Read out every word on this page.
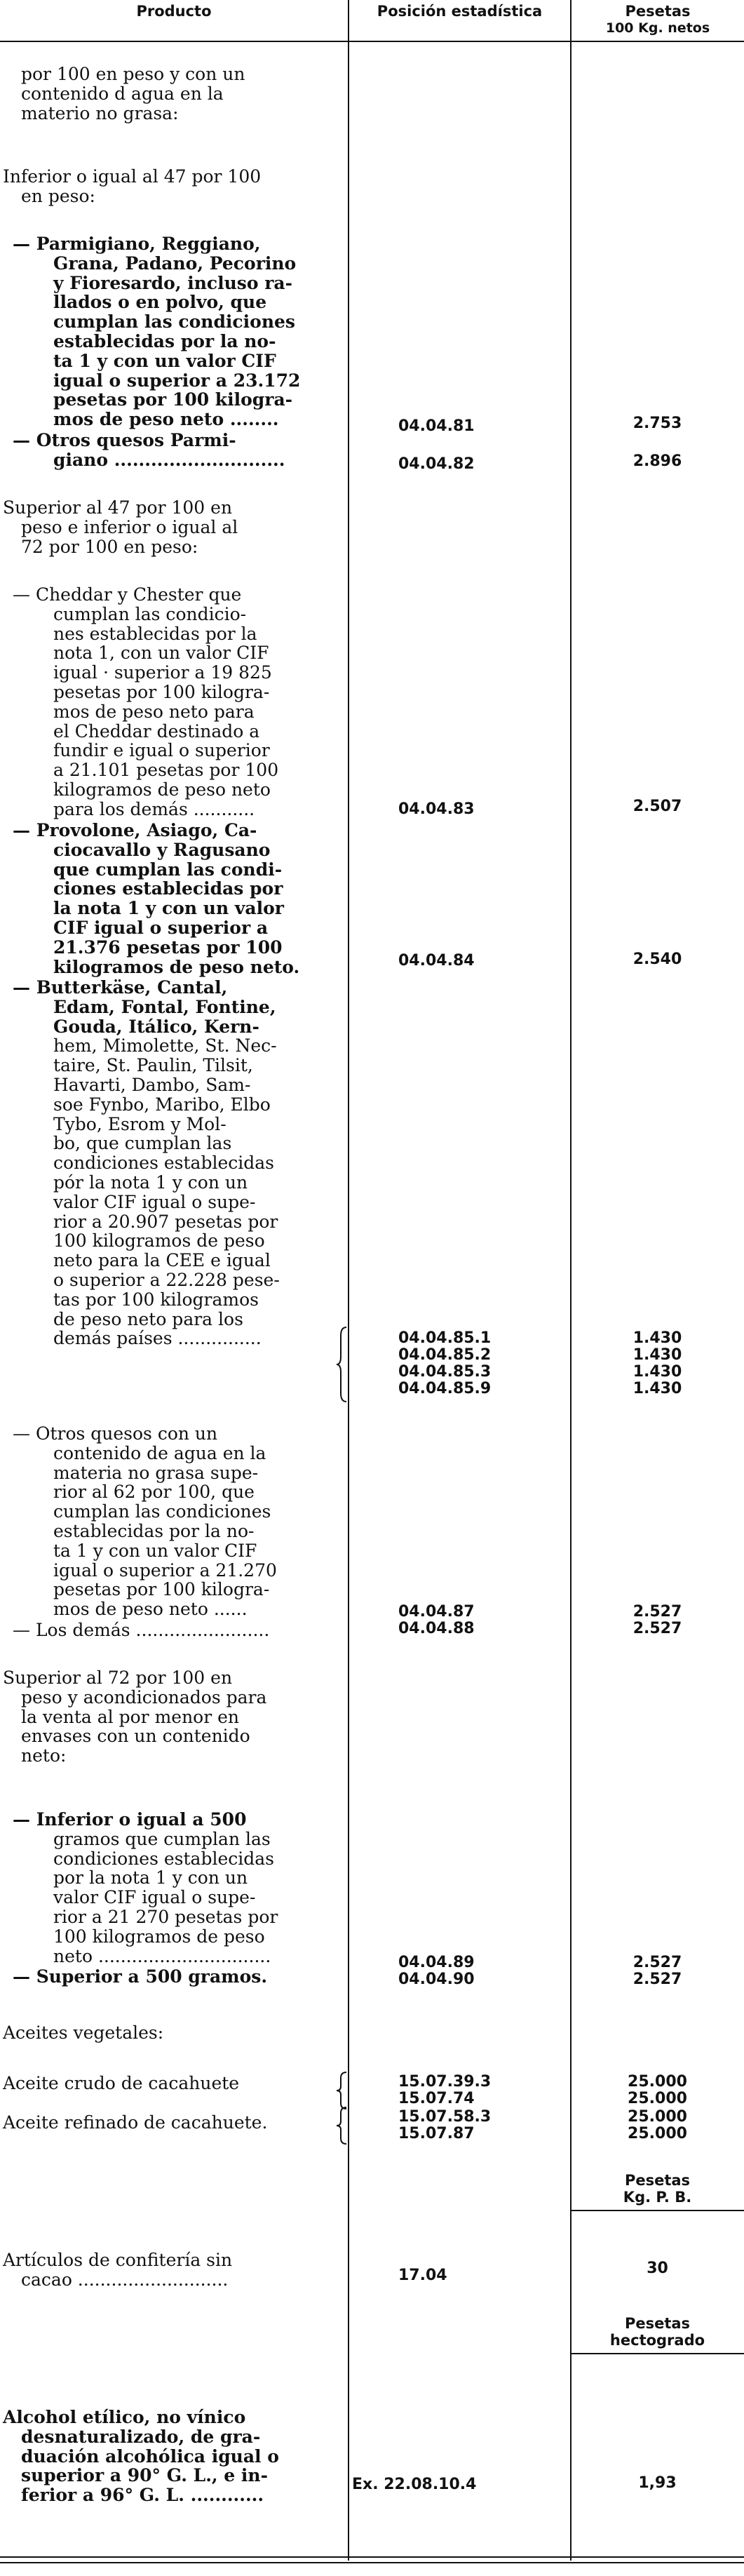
Producto	Posición estadística	Pesetas
100 Kg. netos
por 100 en peso y con un
contenido d agua en la
materio no grasa:
Inferior o igual al 47 por 100
en peso:
— Parmigiano, Reggiano,
Grana, Padano, Pecorino
y Fioresardo, incluso ra-
llados o en polvo, que
cumplan las condiciones
establecidas por la no-
ta 1 y con un valor CIF
igual o superior a 23.172
pesetas por 100 kilogra-
mos de peso neto ........
— Otros quesos Parmi-
giano ............................
Superior al 47 por 100 en
peso e inferior o igual al
72 por 100 en peso:
— Cheddar y Chester que
cumplan las condicio-
nes establecidas por la
nota 1, con un valor CIF
igual · superior a 19 825
pesetas por 100 kilogra-
mos de peso neto para
el Cheddar destinado a
fundir e igual o superior
a 21.101 pesetas por 100
kilogramos de peso neto
para los demás ...........
— Provolone, Asiago, Ca-
ciocavallo y Ragusano
que cumplan las condi-
ciones establecidas por
la nota 1 y con un valor
CIF igual o superior a
21.376 pesetas por 100
kilogramos de peso neto.
— Butterkäse, Cantal,
Edam, Fontal, Fontine,
Gouda, Itálico, Kern-
hem, Mimolette, St. Nec-
taire, St. Paulin, Tilsit,
Havarti, Dambo, Sam-
soe Fynbo, Maribo, Elbo
Tybo, Esrom y Mol-
bo, que cumplan las
condiciones establecidas
pór la nota 1 y con un
valor CIF igual o supe-
rior a 20.907 pesetas por
100 kilogramos de peso
neto para la CEE e igual
o superior a 22.228 pese-
tas por 100 kilogramos
de peso neto para los
demás países ...............
— Otros quesos con un
contenido de agua en la
materia no grasa supe-
rior al 62 por 100, que
cumplan las condiciones
establecidas por la no-
ta 1 y con un valor CIF
igual o superior a 21.270
pesetas por 100 kilogra-
mos de peso neto ......
— Los demás ........................
Superior al 72 por 100 en
peso y acondicionados para
la venta al por menor en
envases con un contenido
neto:
— Inferior o igual a 500
gramos que cumplan las
condiciones establecidas
por la nota 1 y con un
valor CIF igual o supe-
rior a 21 270 pesetas por
100 kilogramos de peso
neto ...............................
— Superior a 500 gramos.
Aceites vegetales:
Aceite crudo de cacahuete
Aceite refinado de cacahuete.
Artículos de confitería sin
cacao ...........................
Alcohol etílico, no vínico
desnaturalizado, de gra-
duación alcohólica igual o
superior a 90° G. L., e in-
ferior a 96° G. L. ............
04.04.81
04.04.82
04.04.83
04.04.84
04.04.85.1
04.04.85.2
04.04.85.3
04.04.85.9
04.04.87
04.04.88
04.04.89
04.04.90
15.07.39.3
15.07.74
15.07.58.3
15.07.87
17.04
Ex. 22.08.10.4
2.753
2.896
2.507
2.540
1.430
1.430
1.430
1.430
2.527
2.527
2.527
2.527
25.000
25.000
25.000
25.000
30
1,93
Pesetas
Kg. P. B.
Pesetas
hectogrado
